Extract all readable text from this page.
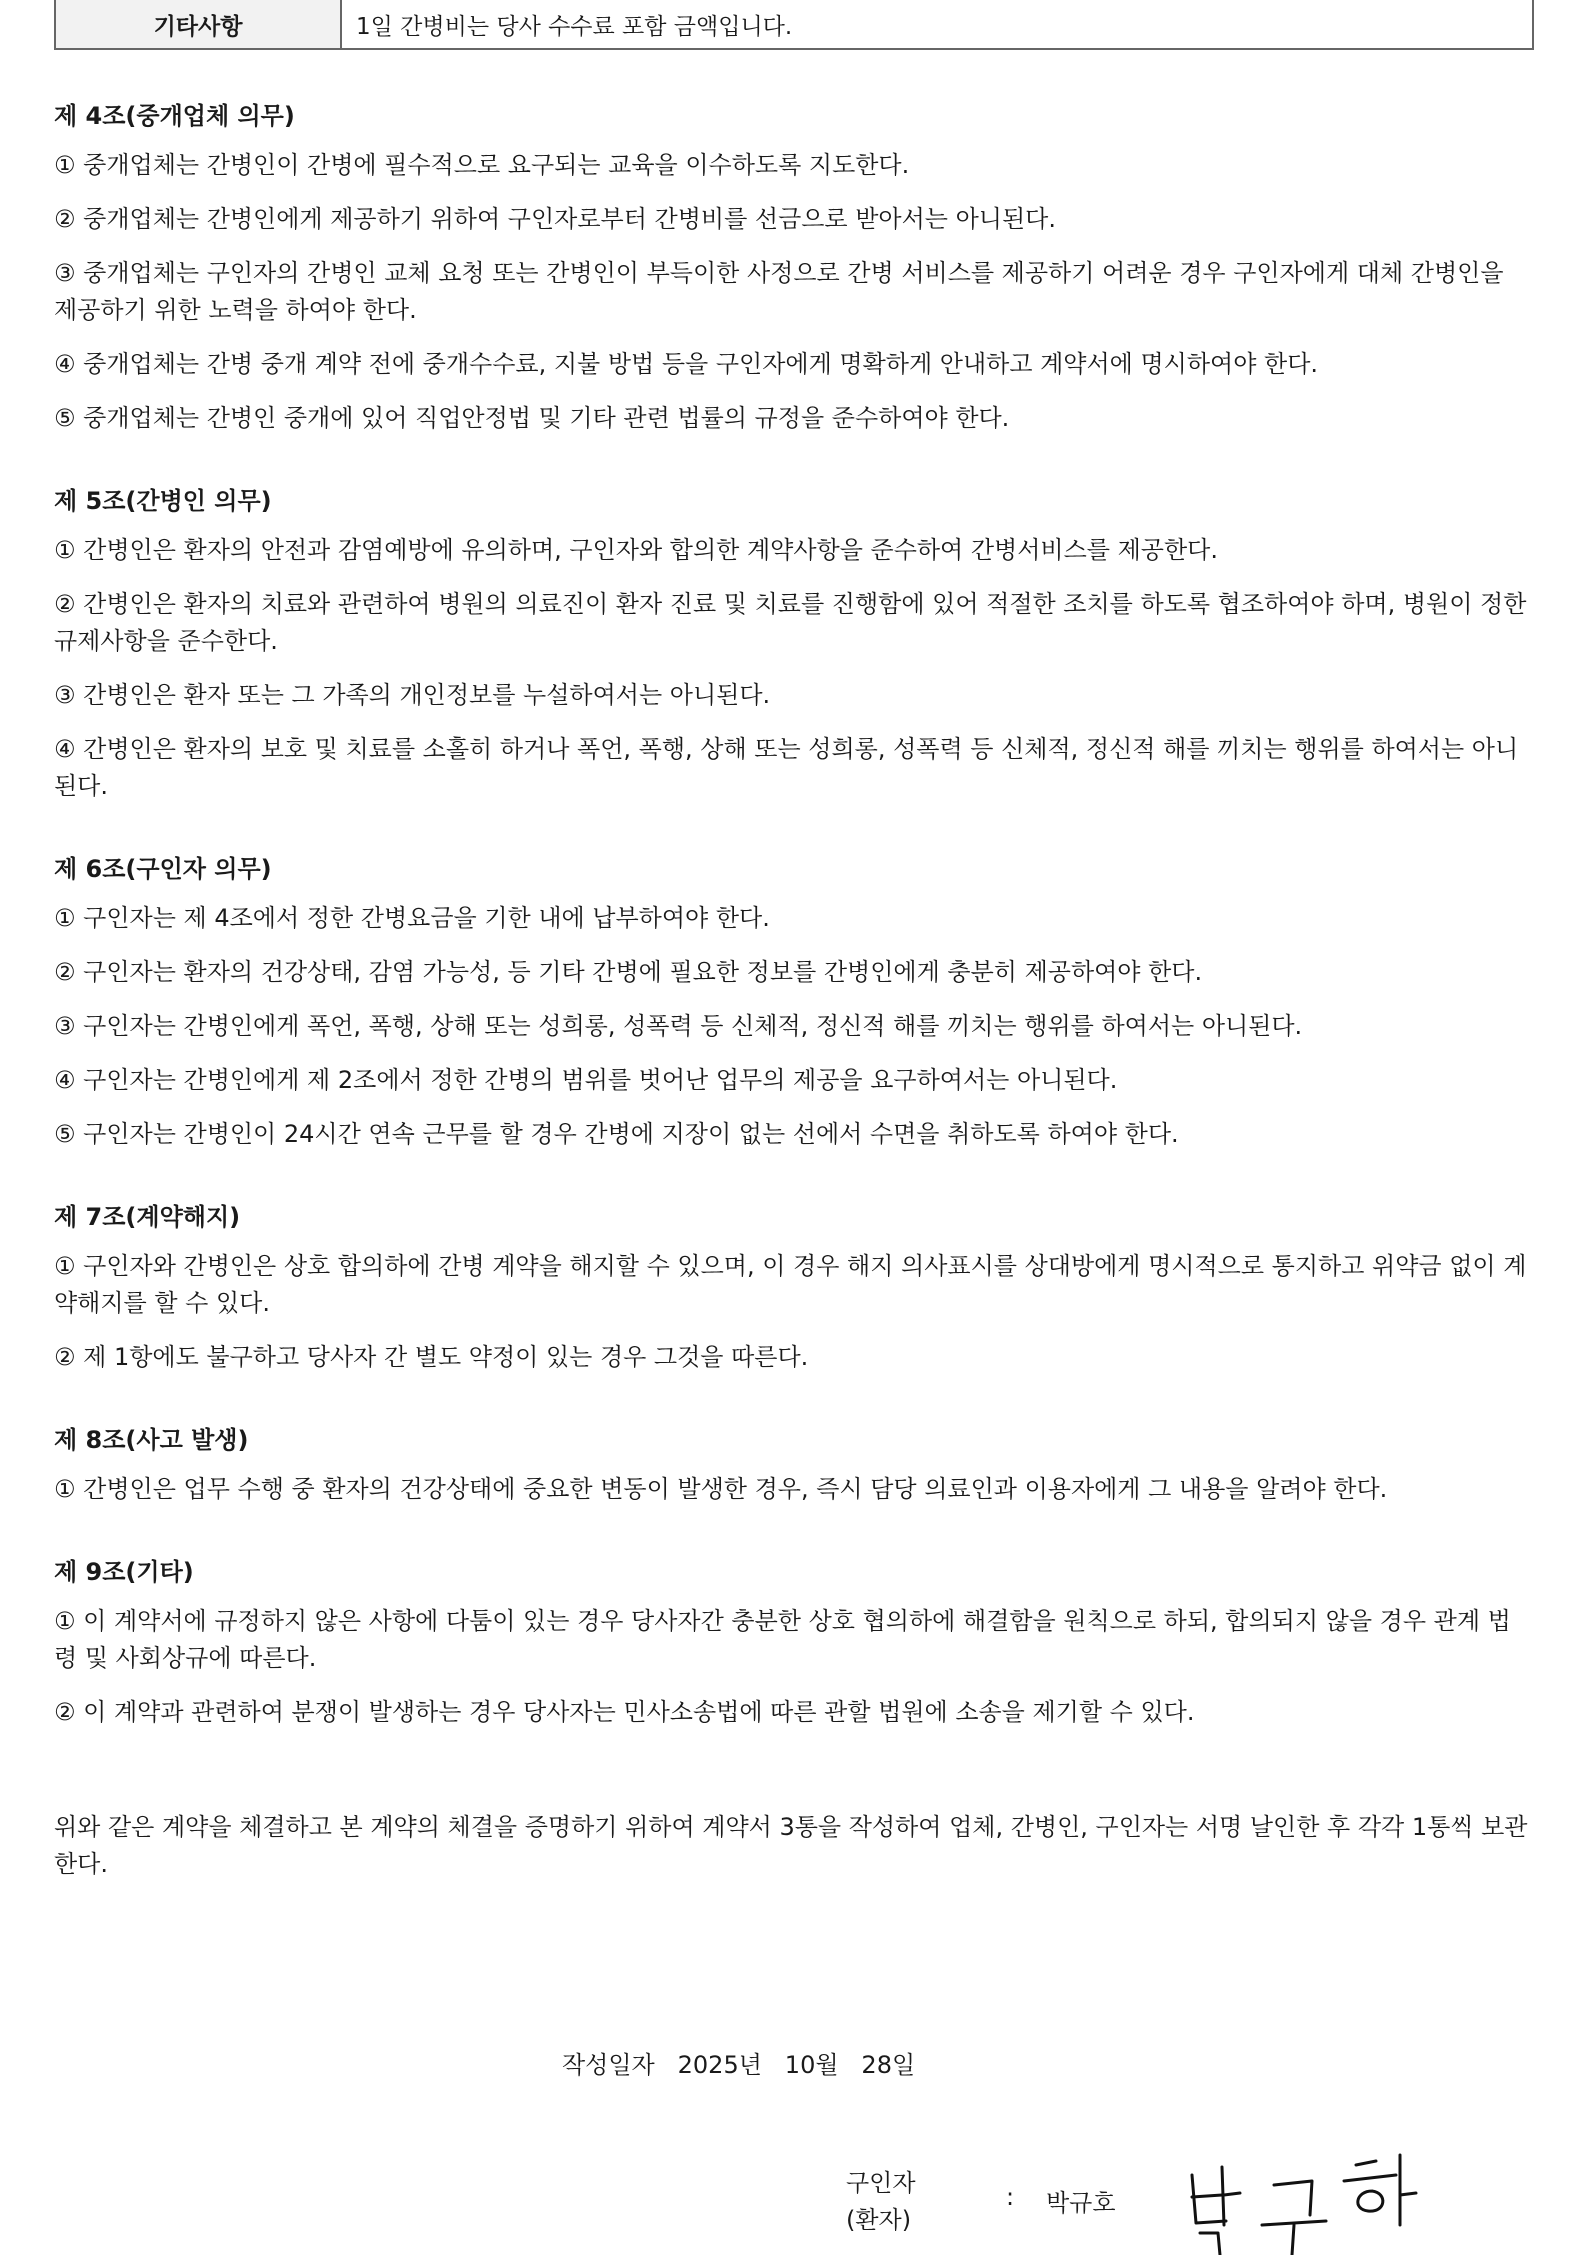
기타사항	1일 간병비는 당사 수수료 포함 금액입니다.
제 4조(중개업체 의무)
① 중개업체는 간병인이 간병에 필수적으로 요구되는 교육을 이수하도록 지도한다.
② 중개업체는 간병인에게 제공하기 위하여 구인자로부터 간병비를 선금으로 받아서는 아니된다.
③ 중개업체는 구인자의 간병인 교체 요청 또는 간병인이 부득이한 사정으로 간병 서비스를 제공하기 어려운 경우 구인자에게 대체 간병인을 제공하기 위한 노력을 하여야 한다.
④ 중개업체는 간병 중개 계약 전에 중개수수료, 지불 방법 등을 구인자에게 명확하게 안내하고 계약서에 명시하여야 한다.
⑤ 중개업체는 간병인 중개에 있어 직업안정법 및 기타 관련 법률의 규정을 준수하여야 한다.
제 5조(간병인 의무)
① 간병인은 환자의 안전과 감염예방에 유의하며, 구인자와 합의한 계약사항을 준수하여 간병서비스를 제공한다.
② 간병인은 환자의 치료와 관련하여 병원의 의료진이 환자 진료 및 치료를 진행함에 있어 적절한 조치를 하도록 협조하여야 하며, 병원이 정한 규제사항을 준수한다.
③ 간병인은 환자 또는 그 가족의 개인정보를 누설하여서는 아니된다.
④ 간병인은 환자의 보호 및 치료를 소홀히 하거나 폭언, 폭행, 상해 또는 성희롱, 성폭력 등 신체적, 정신적 해를 끼치는 행위를 하여서는 아니된다.
제 6조(구인자 의무)
① 구인자는 제 4조에서 정한 간병요금을 기한 내에 납부하여야 한다.
② 구인자는 환자의 건강상태, 감염 가능성, 등 기타 간병에 필요한 정보를 간병인에게 충분히 제공하여야 한다.
③ 구인자는 간병인에게 폭언, 폭행, 상해 또는 성희롱, 성폭력 등 신체적, 정신적 해를 끼치는 행위를 하여서는 아니된다.
④ 구인자는 간병인에게 제 2조에서 정한 간병의 범위를 벗어난 업무의 제공을 요구하여서는 아니된다.
⑤ 구인자는 간병인이 24시간 연속 근무를 할 경우 간병에 지장이 없는 선에서 수면을 취하도록 하여야 한다.
제 7조(계약해지)
① 구인자와 간병인은 상호 합의하에 간병 계약을 해지할 수 있으며, 이 경우 해지 의사표시를 상대방에게 명시적으로 통지하고 위약금 없이 계약해지를 할 수 있다.
② 제 1항에도 불구하고 당사자 간 별도 약정이 있는 경우 그것을 따른다.
제 8조(사고 발생)
① 간병인은 업무 수행 중 환자의 건강상태에 중요한 변동이 발생한 경우, 즉시 담당 의료인과 이용자에게 그 내용을 알려야 한다.
제 9조(기타)
① 이 계약서에 규정하지 않은 사항에 다툼이 있는 경우 당사자간 충분한 상호 협의하에 해결함을 원칙으로 하되, 합의되지 않을 경우 관계 법령 및 사회상규에 따른다.
② 이 계약과 관련하여 분쟁이 발생하는 경우 당사자는 민사소송법에 따른 관할 법원에 소송을 제기할 수 있다.
위와 같은 계약을 체결하고 본 계약의 체결을 증명하기 위하여 계약서 3통을 작성하여 업체, 간병인, 구인자는 서명 날인한 후 각각 1통씩 보관한다.
작성일자 2025년 10월 28일
구인자
(환자)
: 박규호
